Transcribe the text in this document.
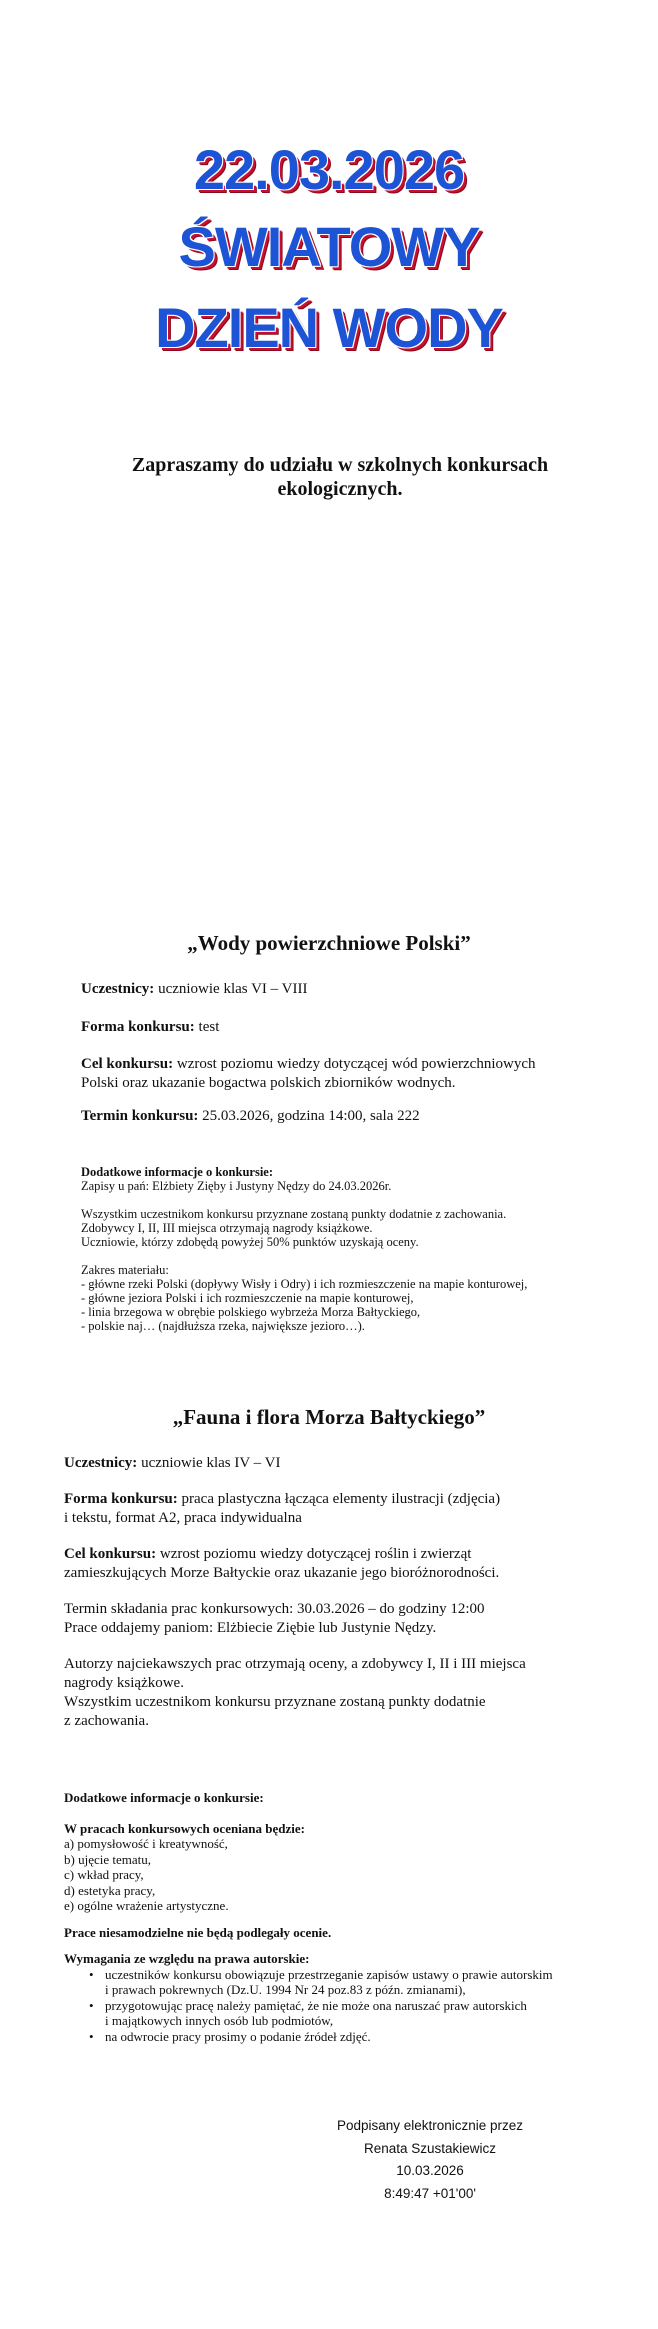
22.03.2026
ŚWIATOWY
DZIEŃ WODY
Zapraszamy do udziału w szkolnych konkursach ekologicznych.
„Wody powierzchniowe Polski”
Uczestnicy: uczniowie klas VI – VIII
Forma konkursu: test
Cel konkursu: wzrost poziomu wiedzy dotyczącej wód powierzchniowych
Polski oraz ukazanie bogactwa polskich zbiorników wodnych.
Termin konkursu: 25.03.2026, godzina 14:00, sala 222
Dodatkowe informacje o konkursie:
Zapisy u pań: Elżbiety Zięby i Justyny Nędzy do 24.03.2026r.
Wszystkim uczestnikom konkursu przyznane zostaną punkty dodatnie z zachowania.
Zdobywcy I, II, III miejsca otrzymają nagrody książkowe.
Uczniowie, którzy zdobędą powyżej 50% punktów uzyskają oceny.
Zakres materiału:
- główne rzeki Polski (dopływy Wisły i Odry) i ich rozmieszczenie na mapie konturowej,
- główne jeziora Polski i ich rozmieszczenie na mapie konturowej,
- linia brzegowa w obrębie polskiego wybrzeża Morza Bałtyckiego,
- polskie naj… (najdłuższa rzeka, największe jezioro…).
„Fauna i flora Morza Bałtyckiego”
Uczestnicy: uczniowie klas IV – VI
Forma konkursu: praca plastyczna łącząca elementy ilustracji (zdjęcia)
i tekstu, format A2, praca indywidualna
Cel konkursu: wzrost poziomu wiedzy dotyczącej roślin i zwierząt
zamieszkujących Morze Bałtyckie oraz ukazanie jego bioróżnorodności.
Termin składania prac konkursowych: 30.03.2026 – do godziny 12:00
Prace oddajemy paniom: Elżbiecie Ziębie lub Justynie Nędzy.
Autorzy najciekawszych prac otrzymają oceny, a zdobywcy I, II i III miejsca
nagrody książkowe.
Wszystkim uczestnikom konkursu przyznane zostaną punkty dodatnie
z zachowania.
Dodatkowe informacje o konkursie:
W pracach konkursowych oceniana będzie:
a) pomysłowość i kreatywność,
b) ujęcie tematu,
c) wkład pracy,
d) estetyka pracy,
e) ogólne wrażenie artystyczne.
Prace niesamodzielne nie będą podlegały ocenie.
Wymagania ze względu na prawa autorskie:
• uczestników konkursu obowiązuje przestrzeganie zapisów ustawy o prawie autorskim
i prawach pokrewnych (Dz.U. 1994 Nr 24 poz.83 z późn. zmianami),
• przygotowując pracę należy pamiętać, że nie może ona naruszać praw autorskich
i majątkowych innych osób lub podmiotów,
• na odwrocie pracy prosimy o podanie źródeł zdjęć.
Podpisany elektronicznie przez
Renata Szustakiewicz
10.03.2026
8:49:47 +01'00'
